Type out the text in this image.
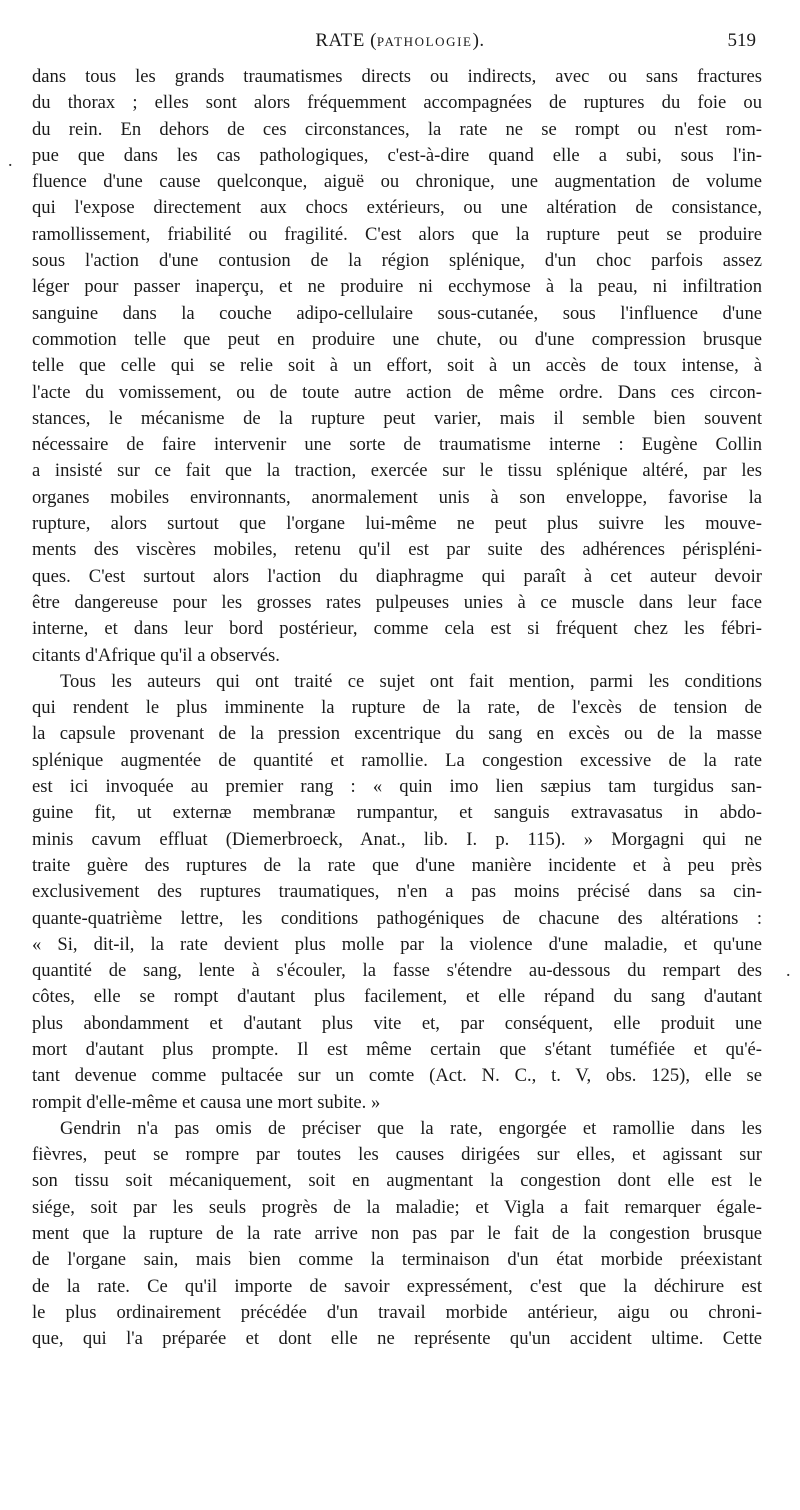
RATE (PATHOLOGIE).	519
.
.
dans tous les grands traumatismes directs ou indirects, avec ou sans fractures
du thorax ; elles sont alors fréquemment accompagnées de ruptures du foie ou
du rein. En dehors de ces circonstances, la rate ne se rompt ou n'est rom-
pue que dans les cas pathologiques, c'est-à-dire quand elle a subi, sous l'in-
fluence d'une cause quelconque, aiguë ou chronique, une augmentation de volume
qui l'expose directement aux chocs extérieurs, ou une altération de consistance,
ramollissement, friabilité ou fragilité. C'est alors que la rupture peut se produire
sous l'action d'une contusion de la région splénique, d'un choc parfois assez
léger pour passer inaperçu, et ne produire ni ecchymose à la peau, ni infiltration
sanguine dans la couche adipo-cellulaire sous-cutanée, sous l'influence d'une
commotion telle que peut en produire une chute, ou d'une compression brusque
telle que celle qui se relie soit à un effort, soit à un accès de toux intense, à
l'acte du vomissement, ou de toute autre action de même ordre. Dans ces circon-
stances, le mécanisme de la rupture peut varier, mais il semble bien souvent
nécessaire de faire intervenir une sorte de traumatisme interne : Eugène Collin
a insisté sur ce fait que la traction, exercée sur le tissu splénique altéré, par les
organes mobiles environnants, anormalement unis à son enveloppe, favorise la
rupture, alors surtout que l'organe lui-même ne peut plus suivre les mouve-
ments des viscères mobiles, retenu qu'il est par suite des adhérences périspléni-
ques. C'est surtout alors l'action du diaphragme qui paraît à cet auteur devoir
être dangereuse pour les grosses rates pulpeuses unies à ce muscle dans leur face
interne, et dans leur bord postérieur, comme cela est si fréquent chez les fébri-
citants d'Afrique qu'il a observés.
Tous les auteurs qui ont traité ce sujet ont fait mention, parmi les conditions
qui rendent le plus imminente la rupture de la rate, de l'excès de tension de
la capsule provenant de la pression excentrique du sang en excès ou de la masse
splénique augmentée de quantité et ramollie. La congestion excessive de la rate
est ici invoquée au premier rang : « quin imo lien sæpius tam turgidus san-
guine fit, ut externæ membranæ rumpantur, et sanguis extravasatus in abdo-
minis cavum effluat (Diemerbroeck, Anat., lib. I. p. 115). » Morgagni qui ne
traite guère des ruptures de la rate que d'une manière incidente et à peu près
exclusivement des ruptures traumatiques, n'en a pas moins précisé dans sa cin-
quante-quatrième lettre, les conditions pathogéniques de chacune des altérations :
« Si, dit-il, la rate devient plus molle par la violence d'une maladie, et qu'une
quantité de sang, lente à s'écouler, la fasse s'étendre au-dessous du rempart des
côtes, elle se rompt d'autant plus facilement, et elle répand du sang d'autant
plus abondamment et d'autant plus vite et, par conséquent, elle produit une
mort d'autant plus prompte. Il est même certain que s'étant tuméfiée et qu'é-
tant devenue comme pultacée sur un comte (Act. N. C., t. V, obs. 125), elle se
rompit d'elle-même et causa une mort subite. »
Gendrin n'a pas omis de préciser que la rate, engorgée et ramollie dans les
fièvres, peut se rompre par toutes les causes dirigées sur elles, et agissant sur
son tissu soit mécaniquement, soit en augmentant la congestion dont elle est le
siége, soit par les seuls progrès de la maladie; et Vigla a fait remarquer égale-
ment que la rupture de la rate arrive non pas par le fait de la congestion brusque
de l'organe sain, mais bien comme la terminaison d'un état morbide préexistant
de la rate. Ce qu'il importe de savoir expressément, c'est que la déchirure est
le plus ordinairement précédée d'un travail morbide antérieur, aigu ou chroni-
que, qui l'a préparée et dont elle ne représente qu'un accident ultime. Cette
